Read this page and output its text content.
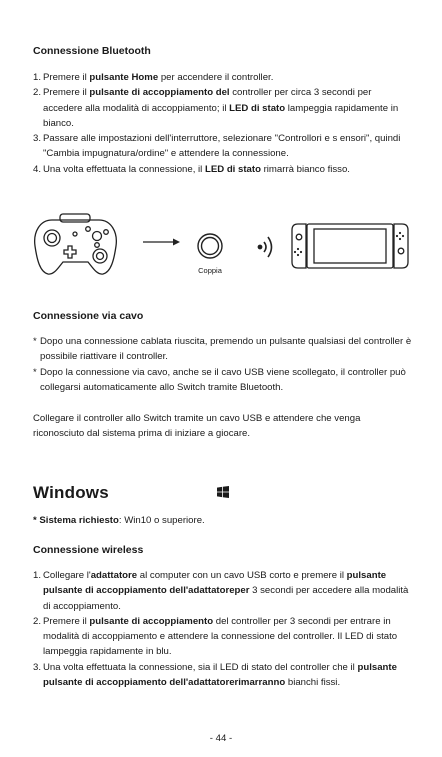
Connessione Bluetooth
1. Premere il pulsante Home per accendere il controller.
2. Premere il pulsante di accoppiamento del controller per circa 3 secondi per accedere alla modalità di accoppiamento; il LED di stato lampeggia rapidamente in bianco.
3. Passare alle impostazioni dell'interruttore, selezionare "Controllori e s ensori", quindi "Cambia impugnatura/ordine" e attendere la connessione.
4. Una volta effettuata la connessione, il LED di stato rimarrà bianco fisso.
Coppia
Connessione via cavo
* Dopo una connessione cablata riuscita, premendo un pulsante qualsiasi del controller è possibile riattivare il controller.
* Dopo la connessione via cavo, anche se il cavo USB viene scollegato, il controller può collegarsi automaticamente allo Switch tramite Bluetooth.

Collegare il controller allo Switch tramite un cavo USB e attendere che venga riconosciuto dal sistema prima di iniziare a giocare.

Windows

* Sistema richiesto: Win10 o superiore.

Connessione wireless
1. Collegare l'adattatore al computer con un cavo USB corto e premere il pulsante pulsante di accoppiamento dell'adattatoreper 3 secondi per accedere alla modalità di accoppiamento.
2. Premere il pulsante di accoppiamento del controller per 3 secondi per entrare in modalità di accoppiamento e attendere la connessione del controller. Il LED di stato lampeggia rapidamente in blu.
3. Una volta effettuata la connessione, sia il LED di stato del controller che il pulsante pulsante di accoppiamento dell'adattatorerimarranno bianchi fissi.
- 44 -
